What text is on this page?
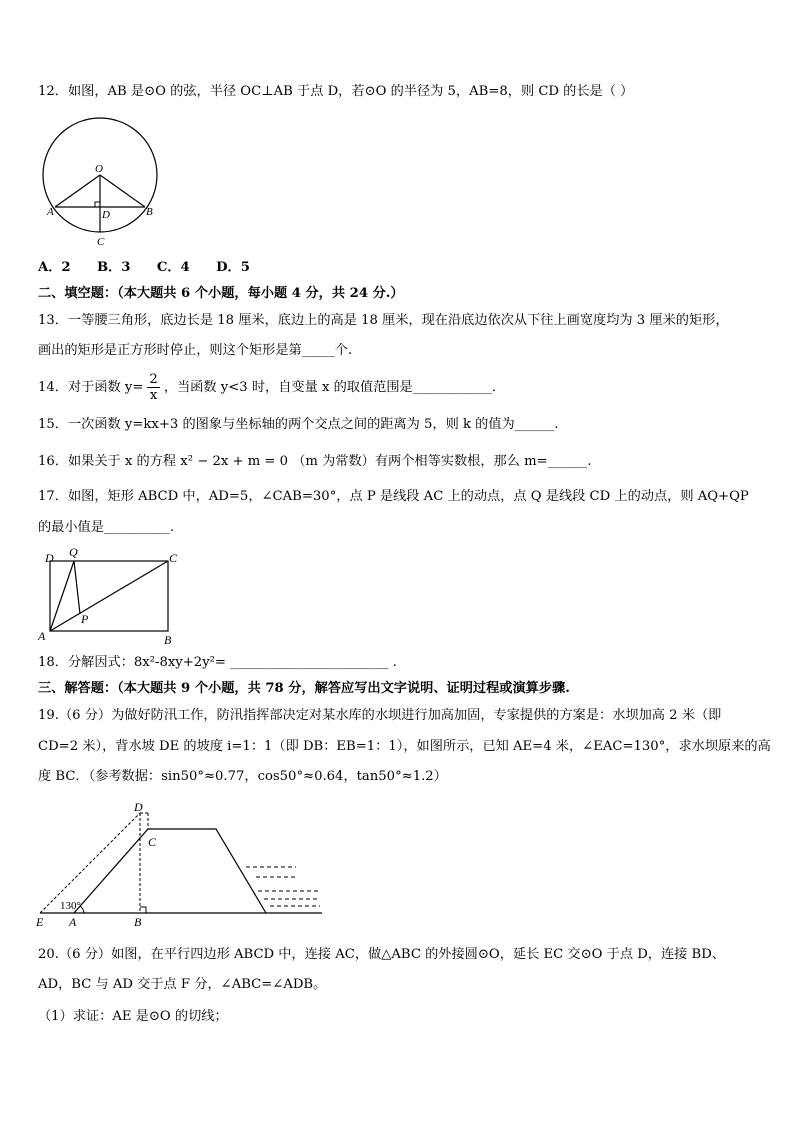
12．如图，AB 是⊙O 的弦，半径 OC⊥AB 于点 D，若⊙O 的半径为 5，AB=8，则 CD 的长是（ ）
O
A	B
D
C
A．2　　B．3　　C．4　　D．5
二、填空题：（本大题共 6 个小题，每小题 4 分，共 24 分.）
13．一等腰三角形，底边长是 18 厘米，底边上的高是 18 厘米，现在沿底边依次从下往上画宽度均为 3 厘米的矩形，
画出的矩形是正方形时停止，则这个矩形是第_____个.
14．对于函数 $y= \frac{2}{x}$ ，当函数 y<3 时，自变量 x 的取值范围是____________．
15．一次函数 y=kx+3 的图象与坐标轴的两个交点之间的距离为 5，则 k 的值为______.
16．如果关于 x 的方程 x² − 2x + m = 0 （m 为常数）有两个相等实数根，那么 m=______.
17．如图，矩形 ABCD 中，AD=5，∠CAB=30°，点 P 是线段 AC 上的动点，点 Q 是线段 CD 上的动点，则 AQ+QP
的最小值是__________.
D Q	C
A
P
B
18．分解因式：8x²-8xy+2y²= ________________________ .
三、解答题：（本大题共 9 个小题，共 78 分，解答应写出文字说明、证明过程或演算步骤.
19.（6 分）为做好防汛工作，防汛指挥部决定对某水库的水坝进行加高加固，专家提供的方案是：水坝加高 2 米（即
CD=2 米），背水坡 DE 的坡度 i=1：1（即 DB：EB=1：1），如图所示，已知 AE=4 米，∠EAC=130°，求水坝原来的高
度 BC．（参考数据：sin50°≈0.77，cos50°≈0.64，tan50°≈1.2）
D
C
E A	B
130°
20.（6 分）如图，在平行四边形 ABCD 中，连接 AC，做△ABC 的外接圆⊙O，延长 EC 交⊙O 于点 D，连接 BD、
AD，BC 与 AD 交于点 F 分，∠ABC=∠ADB。
（1）求证：AE 是⊙O 的切线；
